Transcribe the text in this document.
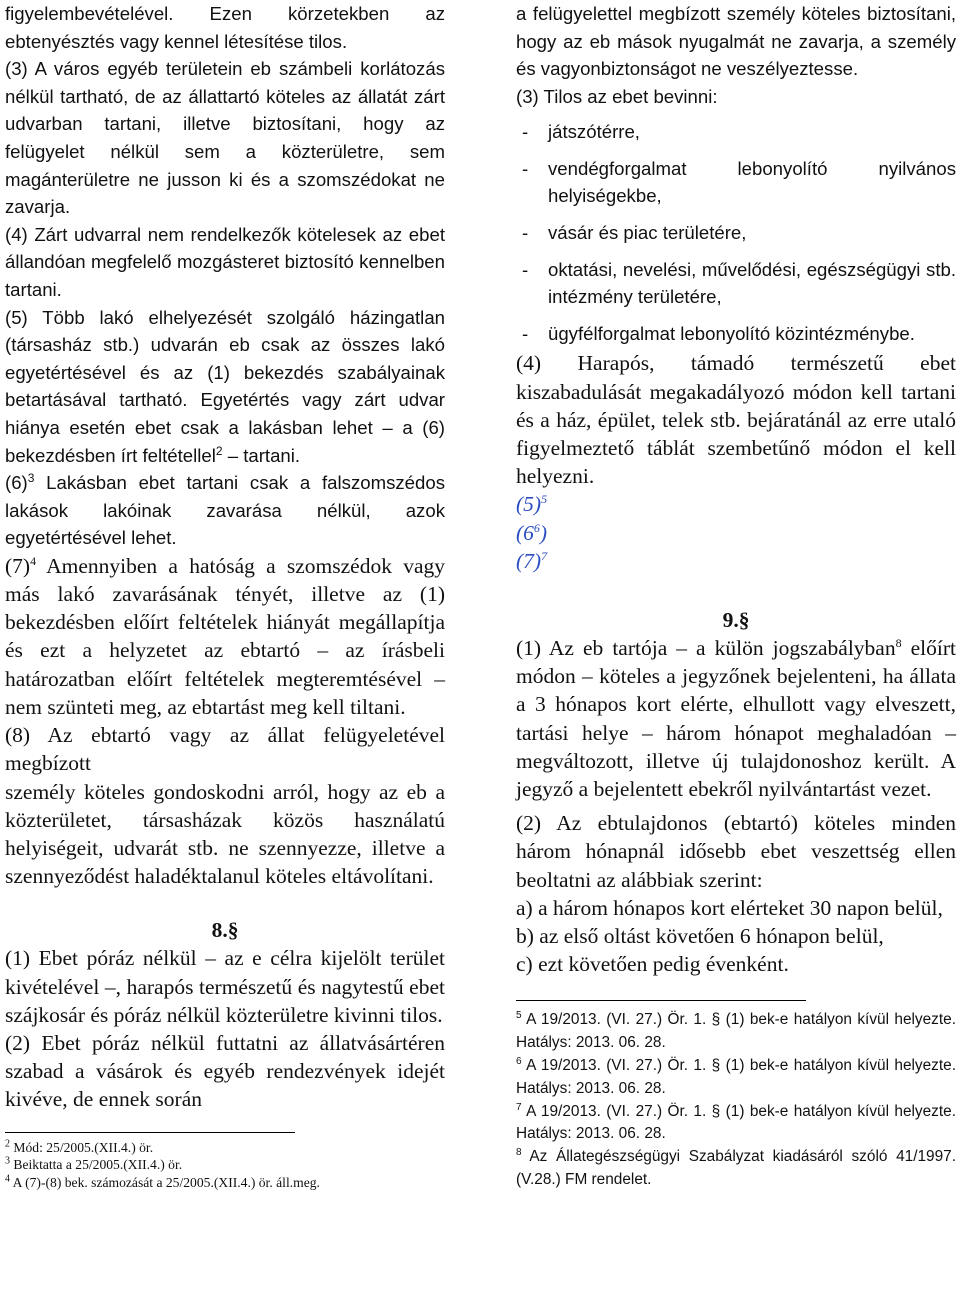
figyelembevételével. Ezen körzetekben az ebtenyésztés vagy kennel létesítése tilos.

(3) A város egyéb területein eb számbeli korlátozás nélkül tartható, de az állattartó köteles az állatát zárt udvarban tartani, illetve biztosítani, hogy az felügyelet nélkül sem a közterületre, sem magánterületre ne jusson ki és a szomszédokat ne zavarja.

(4) Zárt udvarral nem rendelkezők kötelesek az ebet állandóan megfelelő mozgásteret biztosító kennelben tartani.

(5) Több lakó elhelyezését szolgáló házingatlan (társasház stb.) udvarán eb csak az összes lakó egyetértésével és az (1) bekezdés szabályainak betartásával tartható. Egyetértés vagy zárt udvar hiánya esetén ebet csak a lakásban lehet – a (6) bekezdésben írt feltétellel$^2$ – tartani.

$(6)^3$ Lakásban ebet tartani csak a falszomszédos lakások lakóinak zavarása nélkül, azok egyetértésével lehet.

$(7)^4$ Amennyiben a hatóság a szomszédok vagy más lakó zavarásának tényét, illetve az (1) bekezdésben előírt feltételek hiányát megállapítja és ezt a helyzetet az ebtartó – az írásbeli határozatban előírt feltételek megteremtésével – nem szünteti meg, az ebtartást meg kell tiltani.

(8) Az ebtartó vagy az állat felügyeletével megbízott

személy köteles gondoskodni arról, hogy az eb a közterületet, társasházak közös használatú helyiségeit, udvarát stb. ne szennyezze, illetve a szennyeződést haladéktalanul köteles eltávolítani.

8.§

(1) Ebet póráz nélkül – az e célra kijelölt terület kivételével –, harapós természetű és nagytestű ebet szájkosár és póráz nélkül közterületre kivinni tilos.

(2) Ebet póráz nélkül futtatni az állatvásártéren szabad a vásárok és egyéb rendezvények idejét kivéve, de ennek során

$^2$ Mód: 25/2005.(XII.4.) ör.

$^3$ Beiktatta a 25/2005.(XII.4.) ör.

$^4$ A (7)-(8) bek. számozását a 25/2005.(XII.4.) ör. áll.meg.

a felügyelettel megbízott személy köteles biztosítani, hogy az eb mások nyugalmát ne zavarja, a személy és vagyonbiztonságot ne veszélyeztesse.

(3) Tilos az ebet bevinni:

-	játszótérre,
-	vendégforgalmat lebonyolító nyilvános helyiségekbe,
-	vásár és piac területére,
-	oktatási, nevelési, művelődési, egészségügyi stb. intézmény területére,
-	ügyfélforgalmat lebonyolító közintézménybe.

(4) Harapós, támadó természetű ebet kiszabadulását megakadályozó módon kell tartani és a ház, épület, telek stb. bejáratánál az erre utaló figyelmeztető táblát szembetűnő módon el kell helyezni.

$(5)^5$

$(6^6)$

$(7)^7$

9.§

(1) Az eb tartója – a külön jogszabályban$^8$ előírt módon – köteles a jegyzőnek bejelenteni, ha állata a 3 hónapos kort elérte, elhullott vagy elveszett, tartási helye – három hónapot meghaladóan – megváltozott, illetve új tulajdonoshoz került. A jegyző a bejelentett ebekről nyilvántartást vezet.

(2) Az ebtulajdonos (ebtartó) köteles minden három hónapnál idősebb ebet veszettség ellen beoltatni az alábbiak szerint:

a) a három hónapos kort elérteket 30 napon belül,

b) az első oltást követően 6 hónapon belül,

c) ezt követően pedig évenként.

$^5$ A 19/2013. (VI. 27.) Ör. 1. § (1) bek-e hatályon kívül helyezte. Hatálys: 2013. 06. 28.

$^6$ A 19/2013. (VI. 27.) Ör. 1. § (1) bek-e hatályon kívül helyezte. Hatálys: 2013. 06. 28.

$^7$ A 19/2013. (VI. 27.) Ör. 1. § (1) bek-e hatályon kívül helyezte. Hatálys: 2013. 06. 28.

$^8$ Az Állategészségügyi Szabályzat kiadásáról szóló 41/1997.(V.28.) FM rendelet.
